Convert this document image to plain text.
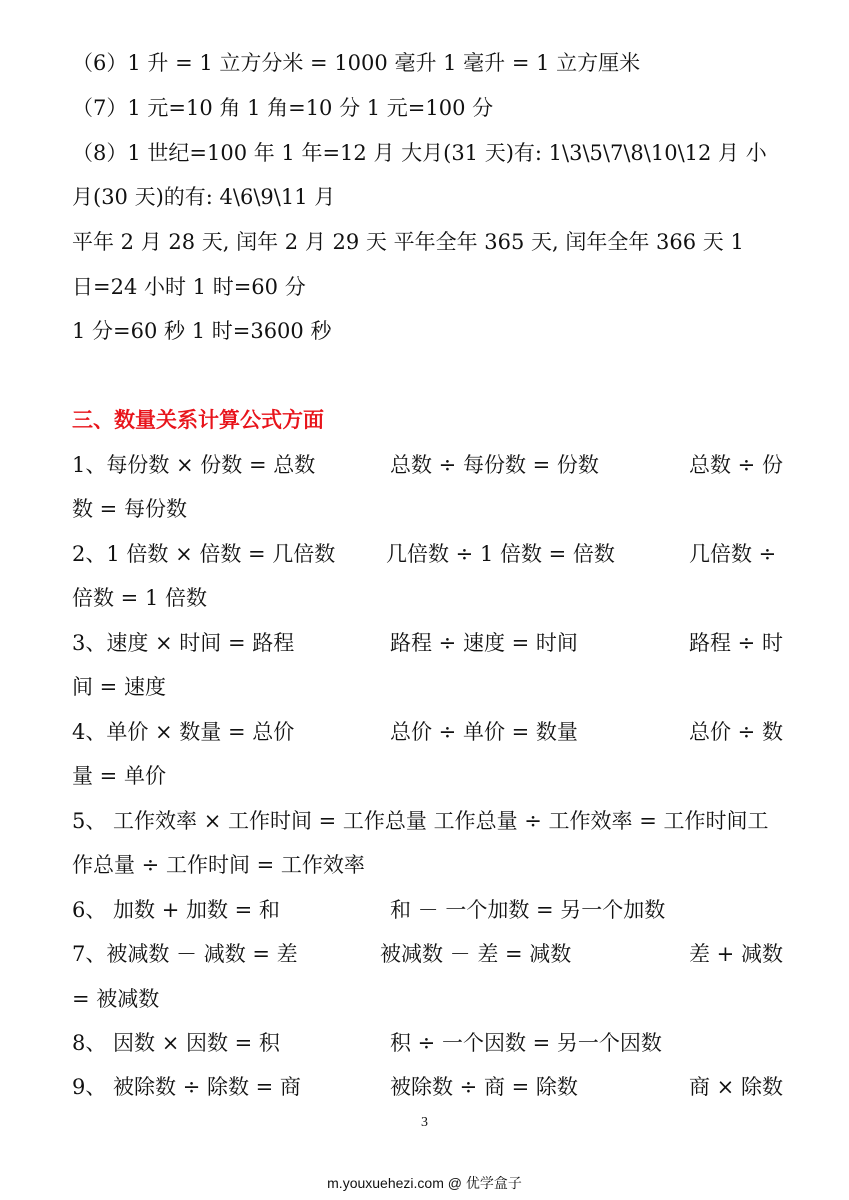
（6）1 升 = 1 立方分米 = 1000 毫升 1 毫升 = 1 立方厘米
（7）1 元=10 角 1 角=10 分 1 元=100 分
（8）1 世纪=100 年 1 年=12 月 大月(31 天)有: 1\3\5\7\8\10\12 月 小
月(30 天)的有: 4\6\9\11 月
平年 2 月 28 天, 闰年 2 月 29 天 平年全年 365 天, 闰年全年 366 天 1
日=24 小时 1 时=60 分
1 分=60 秒 1 时=3600 秒
三、数量关系计算公式方面
1、每份数 × 份数 = 总数	总数 ÷ 每份数 = 份数	总数 ÷ 份
数 = 每份数
2、1 倍数 × 倍数 = 几倍数 几倍数 ÷ 1 倍数 = 倍数	几倍数 ÷
倍数 = 1 倍数
3、速度 × 时间 = 路程	路程 ÷ 速度 = 时间	路程 ÷ 时
间 = 速度
4、单价 × 数量 = 总价	总价 ÷ 单价 = 数量	总价 ÷ 数
量 = 单价
5、 工作效率 × 工作时间 = 工作总量 工作总量 ÷ 工作效率 = 工作时间工
作总量 ÷ 工作时间 = 工作效率
6、 加数 + 加数 = 和	和 － 一个加数 = 另一个加数
7、被减数 － 减数 = 差	被减数 － 差 = 减数	差 + 减数
= 被减数
8、 因数 × 因数 = 积	积 ÷ 一个因数 = 另一个因数
9、 被除数 ÷ 除数 = 商	被除数 ÷ 商 = 除数	商 × 除数
3
m.youxuehezi.com @ 优学盒子
